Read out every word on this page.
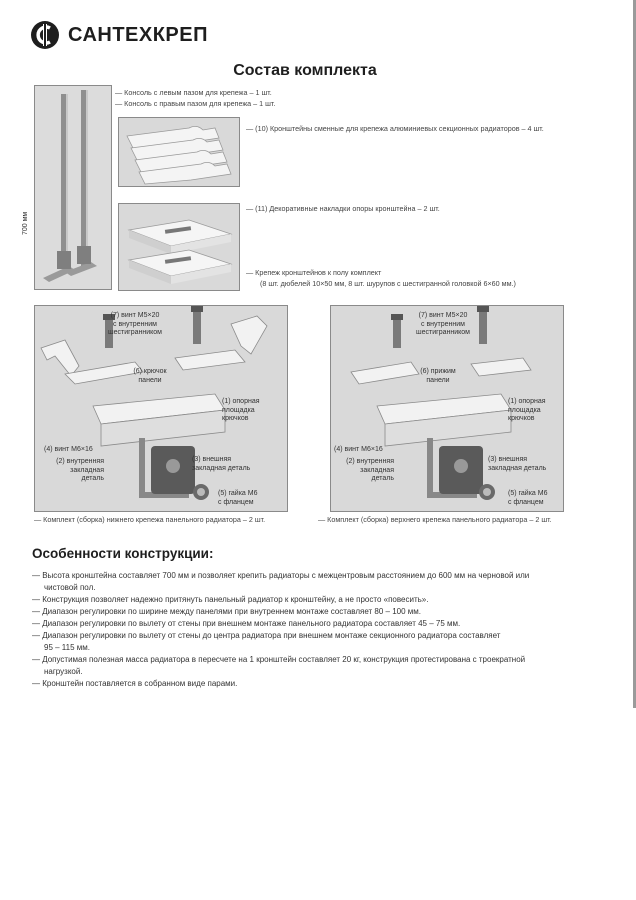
САНТЕХКРЕП
Состав комплекта
700 мм
— Консоль с левым пазом для крепежа – 1 шт.
— Консоль с правым пазом для крепежа – 1 шт.
— (10) Кронштейны сменные для крепежа алюминиевых секционных радиаторов – 4 шт.
— (11) Декоративные накладки опоры кронштейна – 2 шт.
— Крепеж кронштейнов к полу комплект
(8 шт. дюбелей 10×50 мм, 8 шт. шурупов с шестигранной головкой 6×60 мм.)
(7) винт М5×20
с внутренним
шестигранником
(6) крючок
панели
(1) опорная
площадка
крючков
(4) винт М6×16
(2) внутренняя
закладная
деталь
(3) внешняя
закладная деталь
(5) гайка М6
с фланцем
— Комплект (сборка) нижнего крепежа панельного радиатора – 2 шт.
(7) винт М5×20
с внутренним
шестигранником
(6) прижим
панели
(1) опорная
площадка
крючков
(4) винт М6×16
(2) внутренняя
закладная
деталь
(3) внешняя
закладная деталь
(5) гайка М6
с фланцем
— Комплект (сборка) верхнего крепежа панельного радиатора – 2 шт.
Особенности конструкции:
— Высота кронштейна составляет 700 мм и позволяет крепить радиаторы с межцентровым расстоянием до 600 мм на черновой или
чистовой пол.
— Конструкция позволяет надежно притянуть панельный радиатор к кронштейну, а не просто «повесить».
— Диапазон регулировки по ширине между панелями при внутреннем монтаже составляет 80 – 100 мм.
— Диапазон регулировки по вылету от стены при внешнем монтаже панельного радиатора составляет 45 – 75 мм.
— Диапазон регулировки по вылету от стены до центра радиатора при внешнем монтаже секционного радиатора составляет
95 – 115 мм.
— Допустимая полезная масса радиатора в пересчете на 1 кронштейн составляет 20 кг, конструкция протестирована с троекратной
нагрузкой.
— Кронштейн поставляется в собранном виде парами.
